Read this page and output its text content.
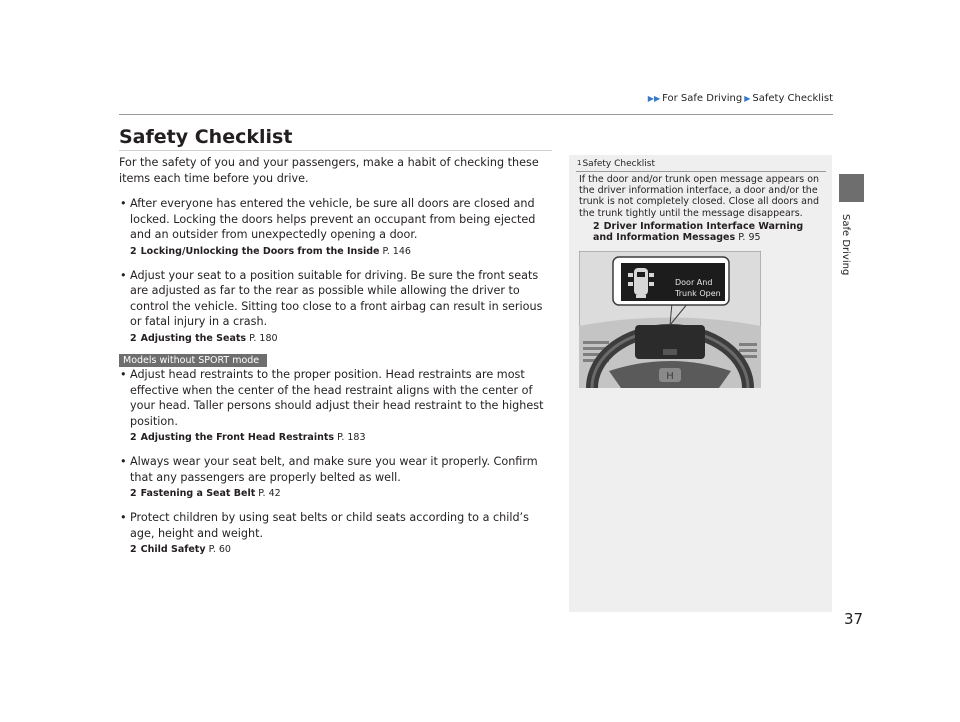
▶▶ For Safe Driving ▶ Safety Checklist
Safe Driving
Safety Checklist

For the safety of you and your passengers, make a habit of checking these items each time before you drive.

• After everyone has entered the vehicle, be sure all doors are closed and locked. Locking the doors helps prevent an occupant from being ejected and an outsider from unexpectedly opening a door.

2 Locking/Unlocking the Doors from the Inside P. 146
• Adjust your seat to a position suitable for driving. Be sure the front seats are adjusted as far to the rear as possible while allowing the driver to control the vehicle. Sitting too close to a front airbag can result in serious or fatal injury in a crash.

2 Adjusting the Seats P. 180
Models without SPORT mode
• Adjust head restraints to the proper position. Head restraints are most effective when the center of the head restraint aligns with the center of your head. Taller persons should adjust their head restraint to the highest position.

2 Adjusting the Front Head Restraints P. 183
• Always wear your seat belt, and make sure you wear it properly. Confirm that any passengers are properly belted as well.

2 Fastening a Seat Belt P. 42
• Protect children by using seat belts or child seats according to a child’s age, height and weight.

2 Child Safety P. 60
$^1$Safety Checklist
If the door and/or trunk open message appears on the driver information interface, a door and/or the trunk is not completely closed. Close all doors and the trunk tightly until the message disappears.
2 Driver Information Interface Warning and Information Messages P. 95
H
Door And
Trunk Open
37
